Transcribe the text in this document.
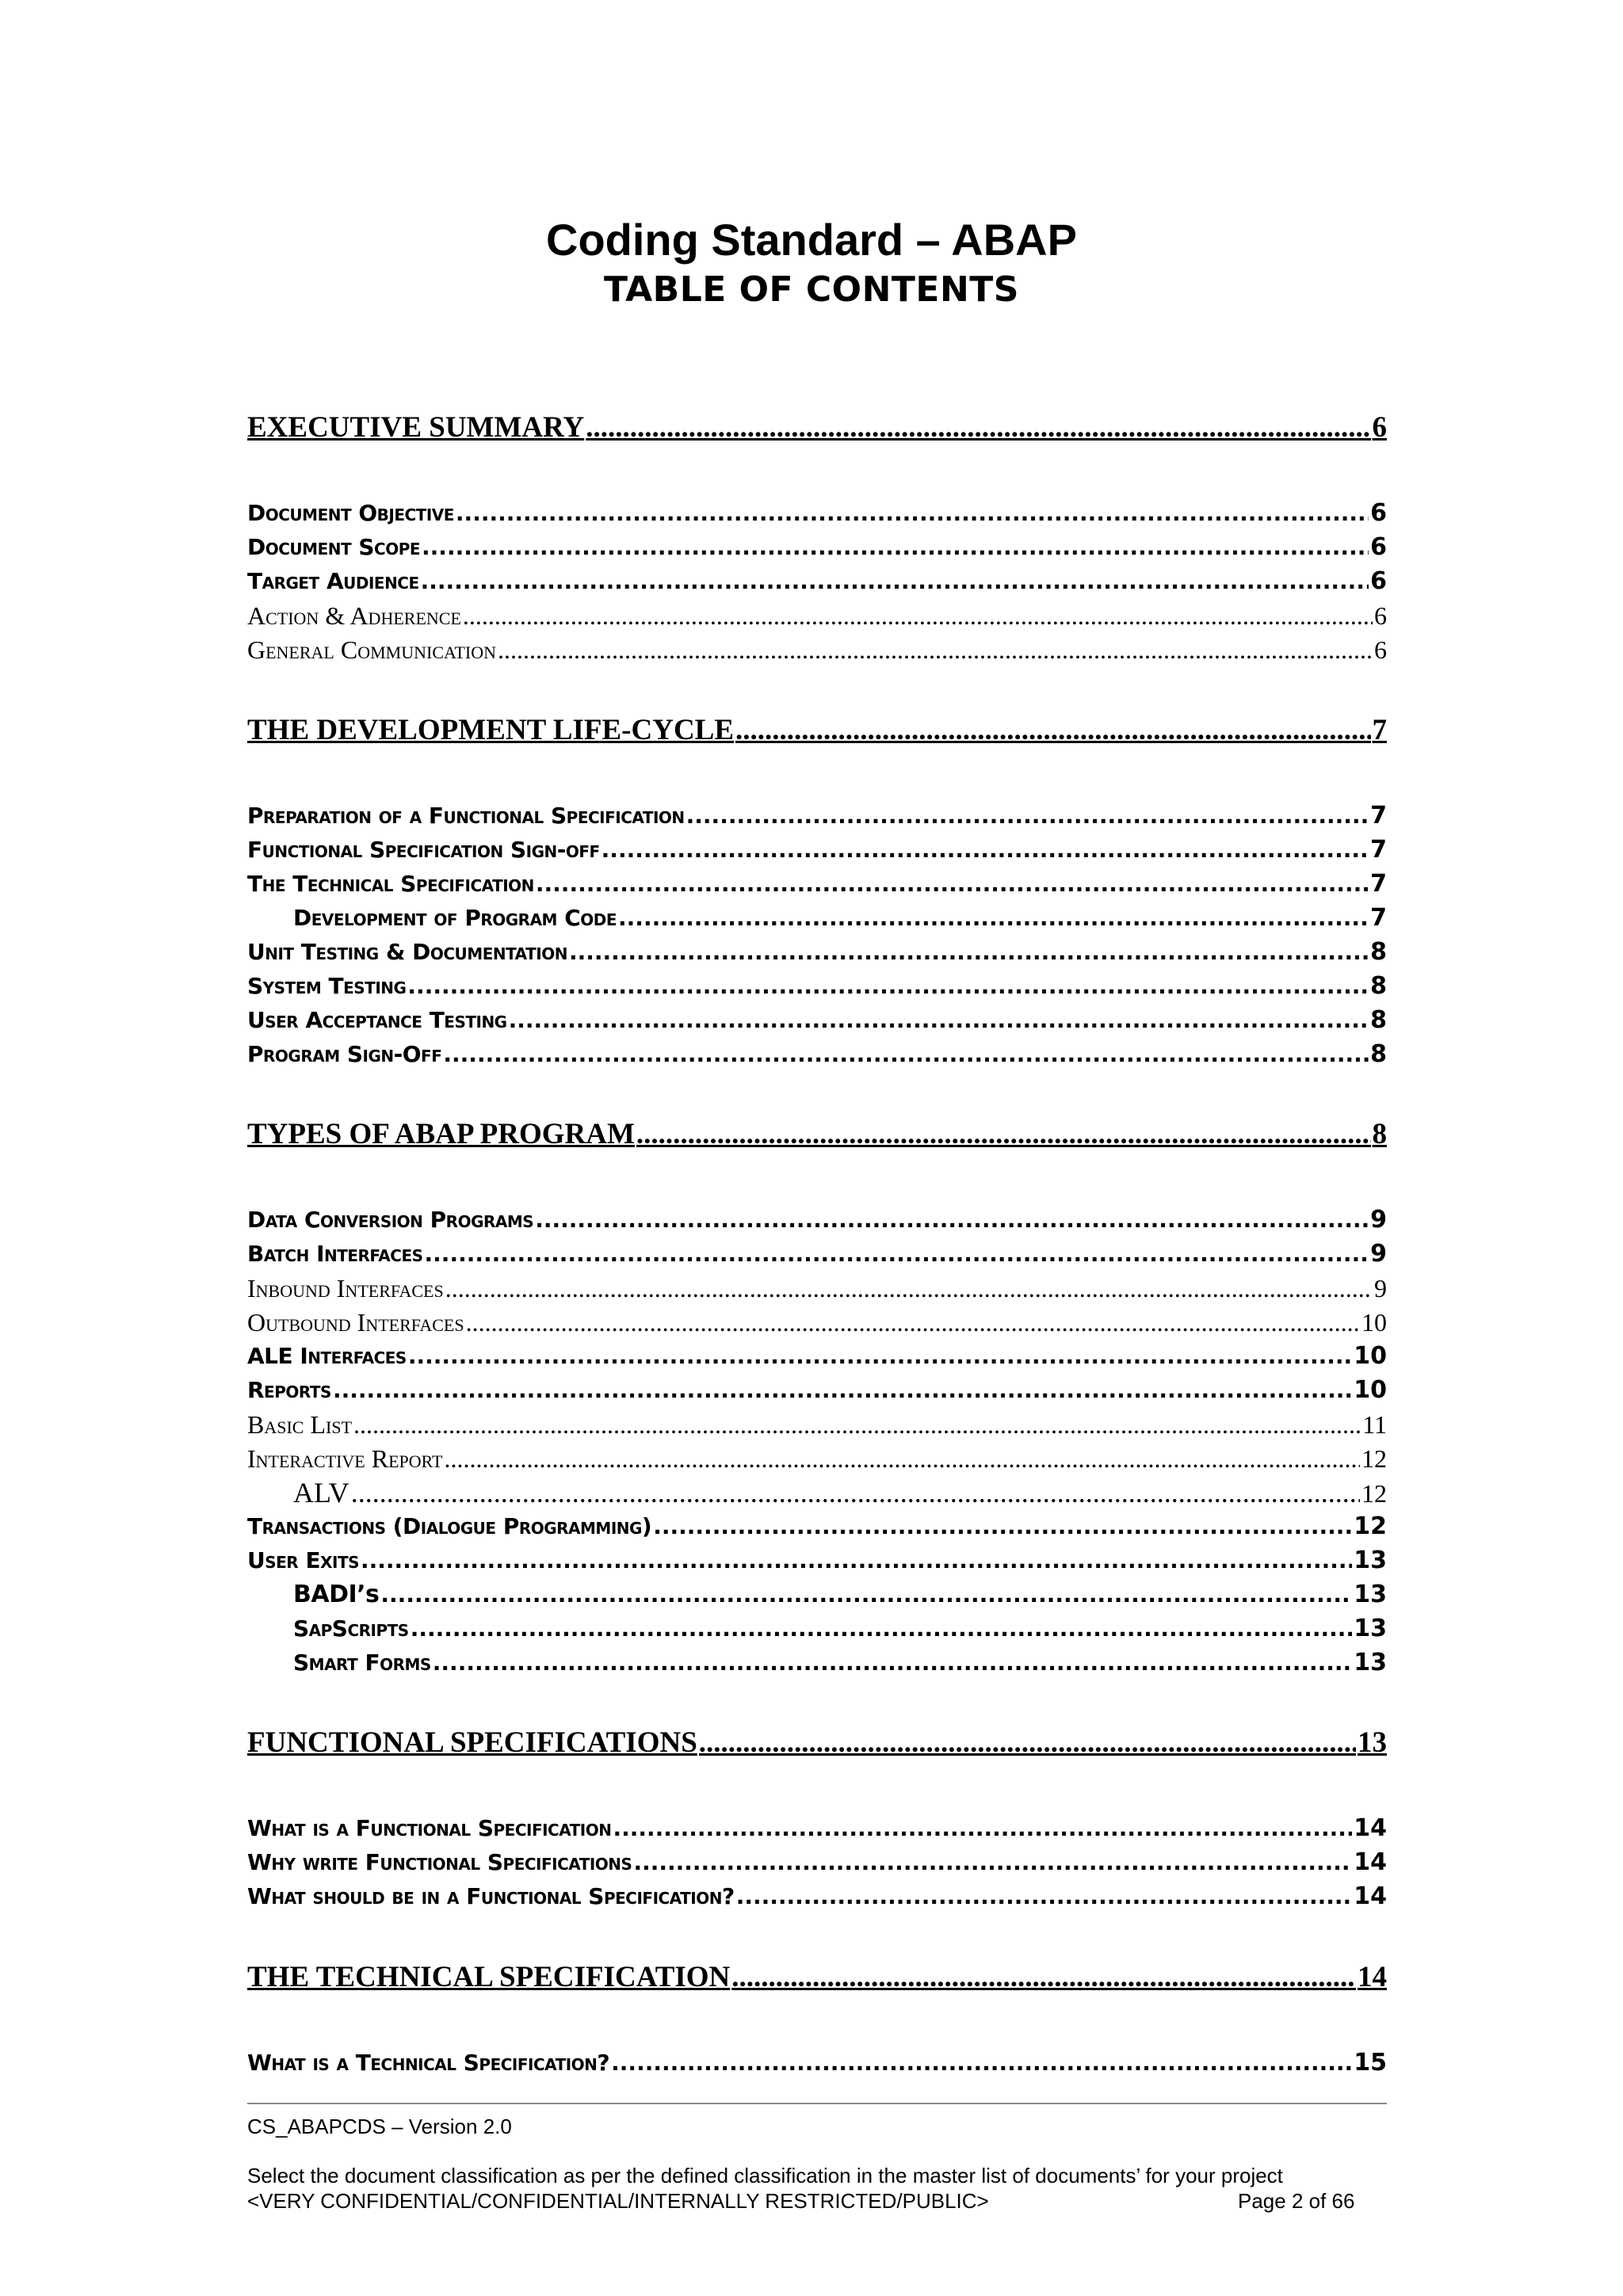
Coding Standard – ABAP
TABLE OF CONTENTS
EXECUTIVE SUMMARY .....	6
Document Objective .....	6
Document Scope .....	6
Target Audience .....	6
Action & Adherence .....	6
General Communication .....	6
THE DEVELOPMENT LIFE-CYCLE .....	7
Preparation of a Functional Specification .....	7
Functional Specification Sign-off .....	7
The Technical Specification .....	7
Development of Program Code .....	7
Unit Testing & Documentation .....	8
System Testing .....	8
User Acceptance Testing .....	8
Program Sign-Off .....	8
TYPES OF ABAP PROGRAM .....	8
Data Conversion Programs .....	9
Batch Interfaces .....	9
Inbound Interfaces .....	9
Outbound Interfaces .....	10
ALE Interfaces .....	10
Reports .....	10
Basic List .....	11
Interactive Report .....	12
ALV .....	12
Transactions (Dialogue Programming) .....	12
User Exits .....	13
BADI’s .....	13
SapScripts .....	13
Smart Forms .....	13
FUNCTIONAL SPECIFICATIONS .....	13
What is a Functional Specification .....	14
Why write Functional Specifications .....	14
What should be in a Functional Specification? .....	14
THE TECHNICAL SPECIFICATION .....	14
What is a Technical Specification? .....	15
CS_ABAPCDS – Version 2.0
Select the document classification as per the defined classification in the master list of documents’ for your project
<VERY CONFIDENTIAL/CONFIDENTIAL/INTERNALLY RESTRICTED/PUBLIC>	Page 2 of 66
